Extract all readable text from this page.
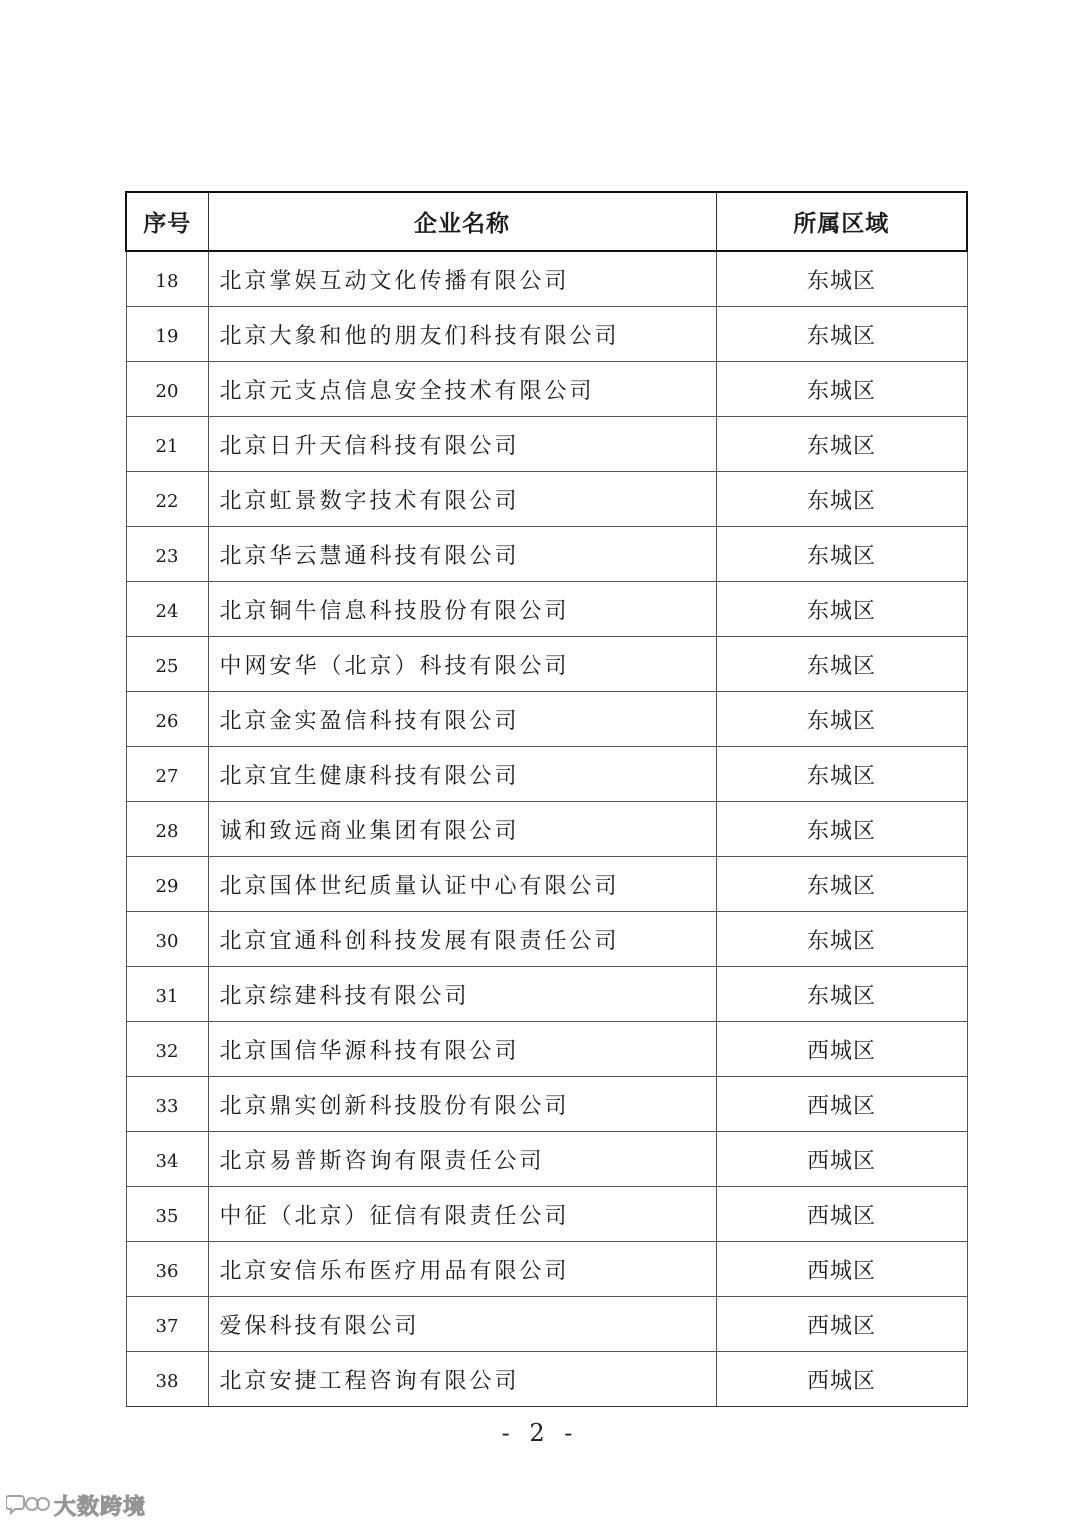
序号	企业名称	所属区域
18	北京掌娱互动文化传播有限公司	东城区
19	北京大象和他的朋友们科技有限公司	东城区
20	北京元支点信息安全技术有限公司	东城区
21	北京日升天信科技有限公司	东城区
22	北京虹景数字技术有限公司	东城区
23	北京华云慧通科技有限公司	东城区
24	北京铜牛信息科技股份有限公司	东城区
25	中网安华（北京）科技有限公司	东城区
26	北京金实盈信科技有限公司	东城区
27	北京宜生健康科技有限公司	东城区
28	诚和致远商业集团有限公司	东城区
29	北京国体世纪质量认证中心有限公司	东城区
30	北京宜通科创科技发展有限责任公司	东城区
31	北京综建科技有限公司	东城区
32	北京国信华源科技有限公司	西城区
33	北京鼎实创新科技股份有限公司	西城区
34	北京易普斯咨询有限责任公司	西城区
35	中征（北京）征信有限责任公司	西城区
36	北京安信乐布医疗用品有限公司	西城区
37	爱保科技有限公司	西城区
38	北京安捷工程咨询有限公司	西城区
- 2 -
大数跨境
